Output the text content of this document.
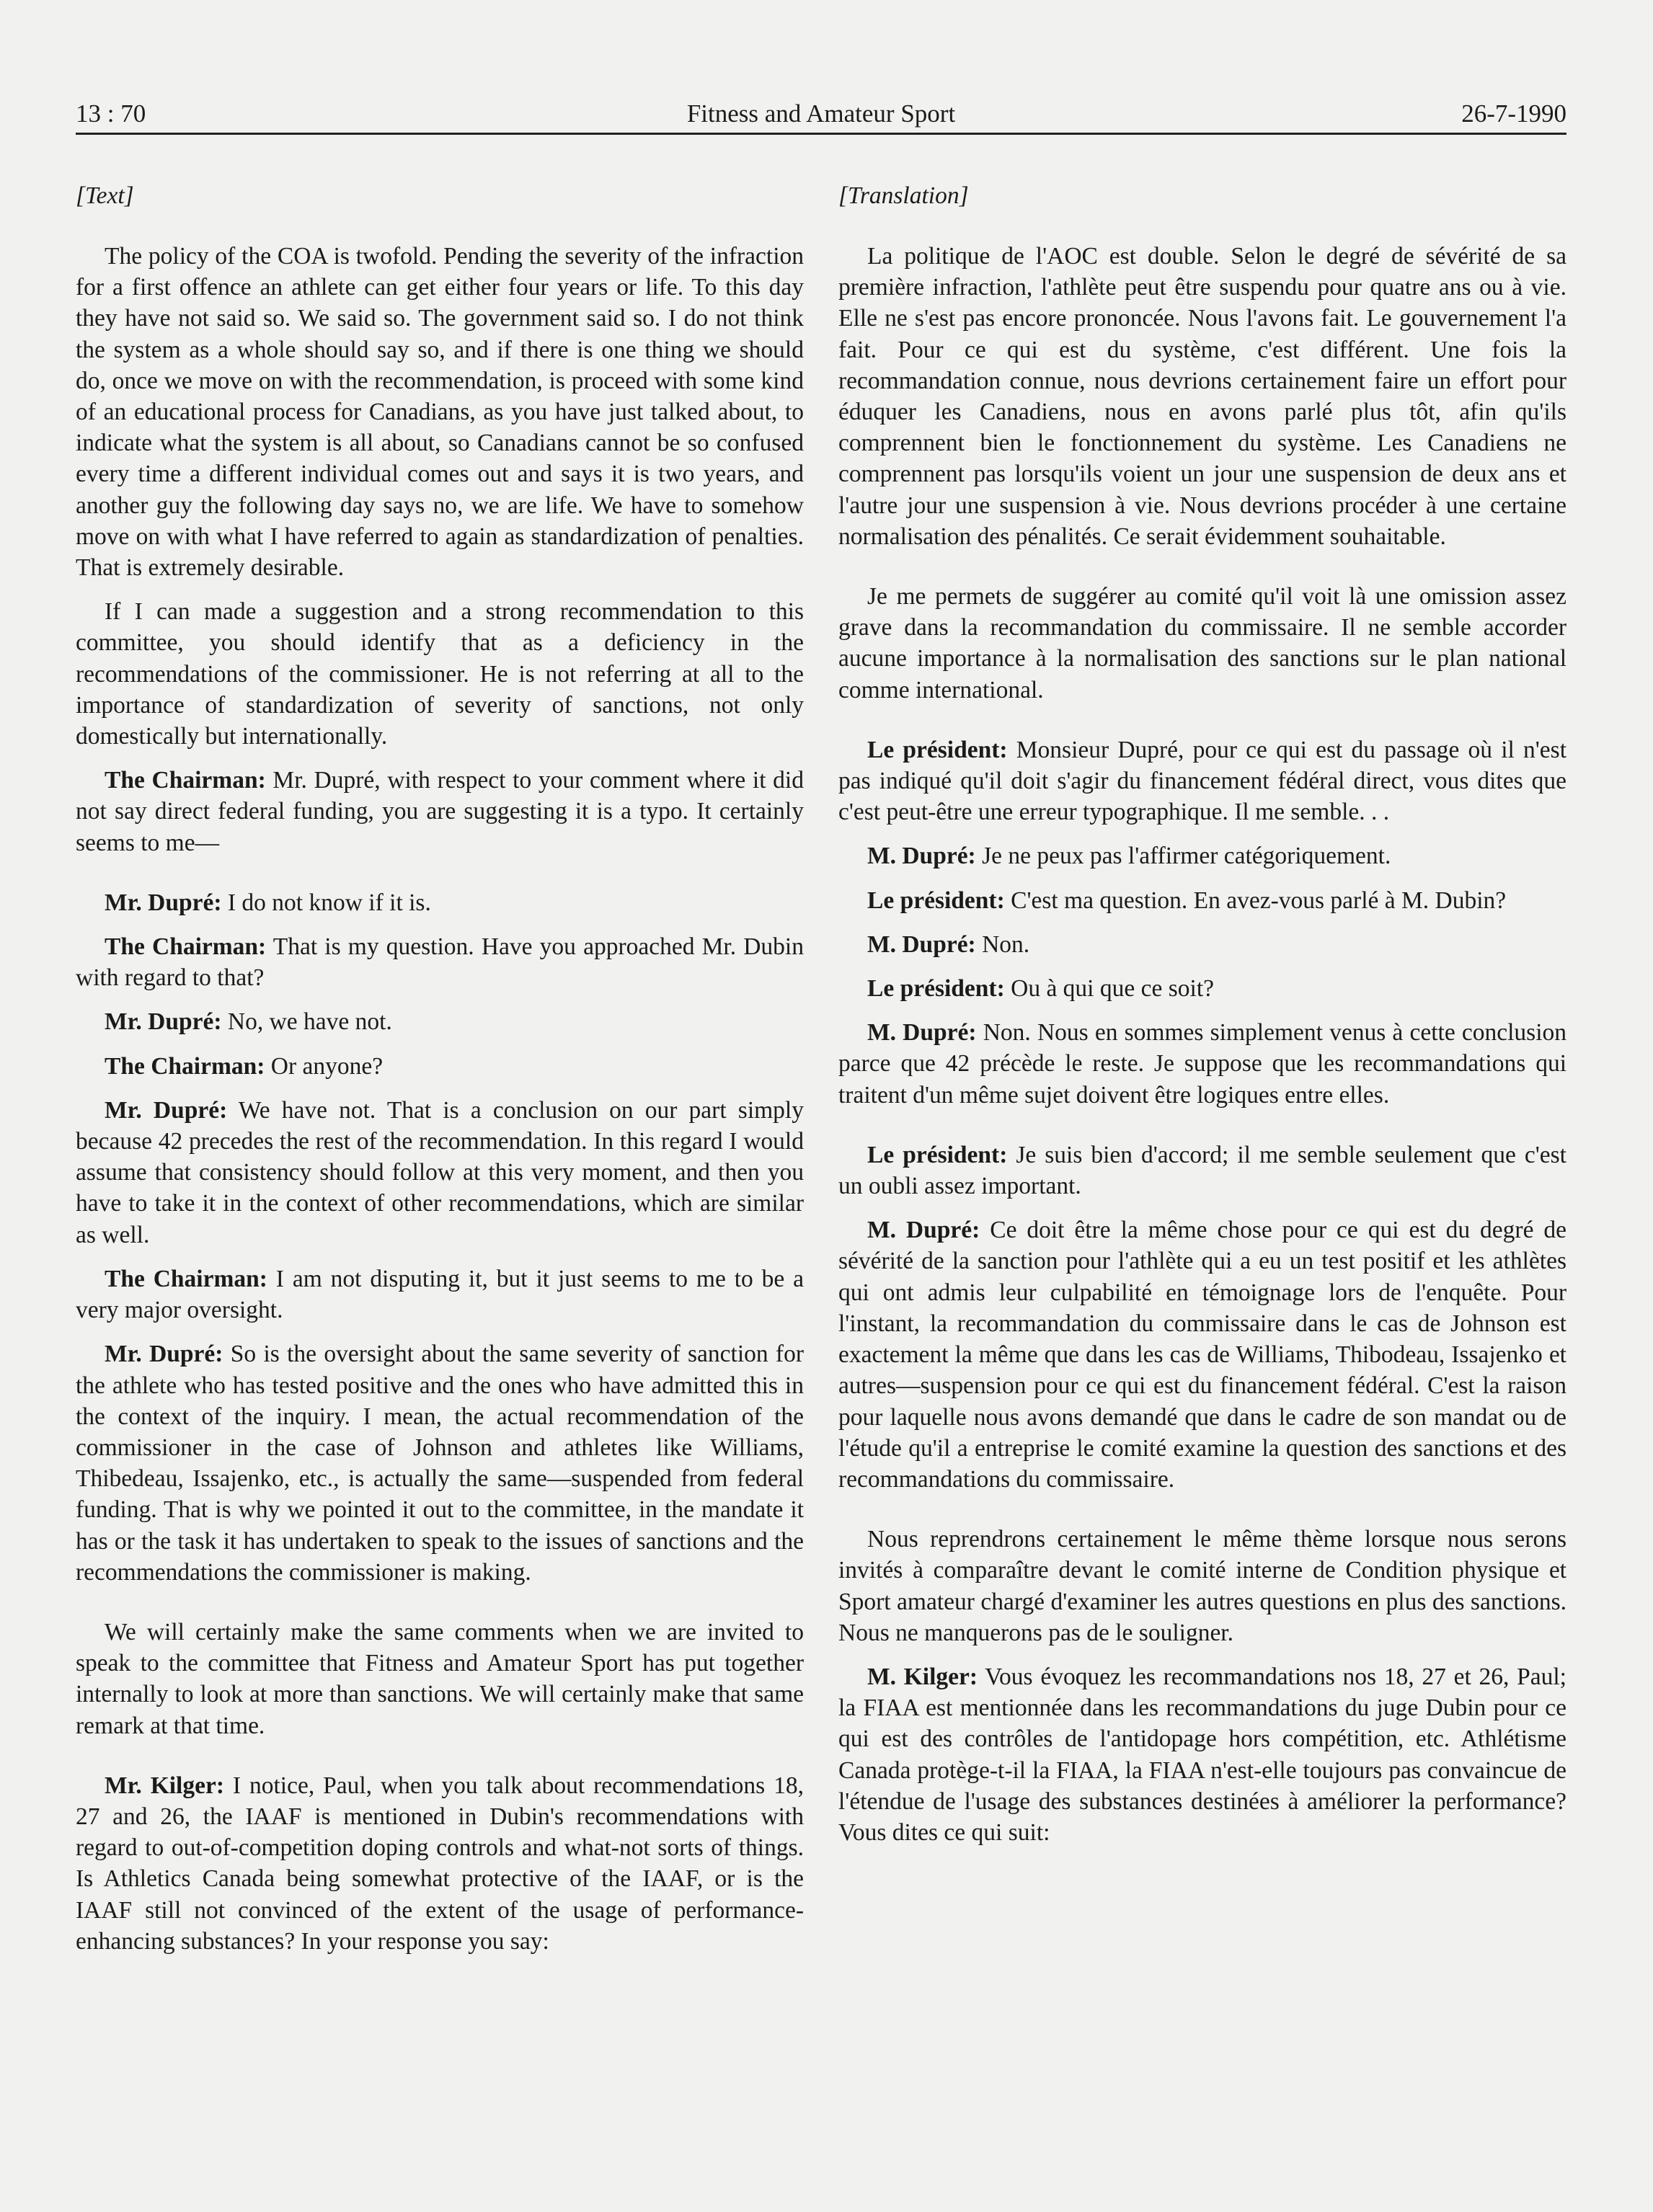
13 : 70	Fitness and Amateur Sport	26-7-1990
[Text]

The policy of the COA is twofold. Pending the severity of the infraction for a first offence an athlete can get either four years or life. To this day they have not said so. We said so. The government said so. I do not think the system as a whole should say so, and if there is one thing we should do, once we move on with the recommendation, is proceed with some kind of an educational process for Canadians, as you have just talked about, to indicate what the system is all about, so Canadians cannot be so confused every time a different individual comes out and says it is two years, and another guy the following day says no, we are life. We have to somehow move on with what I have referred to again as standardization of penalties. That is extremely desirable.

If I can made a suggestion and a strong recommendation to this committee, you should identify that as a deficiency in the recommendations of the commissioner. He is not referring at all to the importance of standardization of severity of sanctions, not only domestically but internationally.

The Chairman: Mr. Dupré, with respect to your comment where it did not say direct federal funding, you are suggesting it is a typo. It certainly seems to me—

Mr. Dupré: I do not know if it is.

The Chairman: That is my question. Have you approached Mr. Dubin with regard to that?

Mr. Dupré: No, we have not.

The Chairman: Or anyone?

Mr. Dupré: We have not. That is a conclusion on our part simply because 42 precedes the rest of the recommendation. In this regard I would assume that consistency should follow at this very moment, and then you have to take it in the context of other recommendations, which are similar as well.

The Chairman: I am not disputing it, but it just seems to me to be a very major oversight.

Mr. Dupré: So is the oversight about the same severity of sanction for the athlete who has tested positive and the ones who have admitted this in the context of the inquiry. I mean, the actual recommendation of the commissioner in the case of Johnson and athletes like Williams, Thibedeau, Issajenko, etc., is actually the same—suspended from federal funding. That is why we pointed it out to the committee, in the mandate it has or the task it has undertaken to speak to the issues of sanctions and the recommendations the commissioner is making.

We will certainly make the same comments when we are invited to speak to the committee that Fitness and Amateur Sport has put together internally to look at more than sanctions. We will certainly make that same remark at that time.

Mr. Kilger: I notice, Paul, when you talk about recommendations 18, 27 and 26, the IAAF is mentioned in Dubin's recommendations with regard to out-of-competition doping controls and what-not sorts of things. Is Athletics Canada being somewhat protective of the IAAF, or is the IAAF still not convinced of the extent of the usage of performance-enhancing substances? In your response you say:

[Translation]

La politique de l'AOC est double. Selon le degré de sévérité de sa première infraction, l'athlète peut être suspendu pour quatre ans ou à vie. Elle ne s'est pas encore prononcée. Nous l'avons fait. Le gouvernement l'a fait. Pour ce qui est du système, c'est différent. Une fois la recommandation connue, nous devrions certainement faire un effort pour éduquer les Canadiens, nous en avons parlé plus tôt, afin qu'ils comprennent bien le fonctionnement du système. Les Canadiens ne comprennent pas lorsqu'ils voient un jour une suspension de deux ans et l'autre jour une suspension à vie. Nous devrions procéder à une certaine normalisation des pénalités. Ce serait évidemment souhaitable.

Je me permets de suggérer au comité qu'il voit là une omission assez grave dans la recommandation du commissaire. Il ne semble accorder aucune importance à la normalisation des sanctions sur le plan national comme international.

Le président: Monsieur Dupré, pour ce qui est du passage où il n'est pas indiqué qu'il doit s'agir du financement fédéral direct, vous dites que c'est peut-être une erreur typographique. Il me semble. . .

M. Dupré: Je ne peux pas l'affirmer catégoriquement.

Le président: C'est ma question. En avez-vous parlé à M. Dubin?

M. Dupré: Non.

Le président: Ou à qui que ce soit?

M. Dupré: Non. Nous en sommes simplement venus à cette conclusion parce que 42 précède le reste. Je suppose que les recommandations qui traitent d'un même sujet doivent être logiques entre elles.

Le président: Je suis bien d'accord; il me semble seulement que c'est un oubli assez important.

M. Dupré: Ce doit être la même chose pour ce qui est du degré de sévérité de la sanction pour l'athlète qui a eu un test positif et les athlètes qui ont admis leur culpabilité en témoignage lors de l'enquête. Pour l'instant, la recommandation du commissaire dans le cas de Johnson est exactement la même que dans les cas de Williams, Thibodeau, Issajenko et autres—suspension pour ce qui est du financement fédéral. C'est la raison pour laquelle nous avons demandé que dans le cadre de son mandat ou de l'étude qu'il a entreprise le comité examine la question des sanctions et des recommandations du commissaire.

Nous reprendrons certainement le même thème lorsque nous serons invités à comparaître devant le comité interne de Condition physique et Sport amateur chargé d'examiner les autres questions en plus des sanctions. Nous ne manquerons pas de le souligner.

M. Kilger: Vous évoquez les recommandations nos 18, 27 et 26, Paul; la FIAA est mentionnée dans les recommandations du juge Dubin pour ce qui est des contrôles de l'antidopage hors compétition, etc. Athlétisme Canada protège-t-il la FIAA, la FIAA n'est-elle toujours pas convaincue de l'étendue de l'usage des substances destinées à améliorer la performance? Vous dites ce qui suit:
